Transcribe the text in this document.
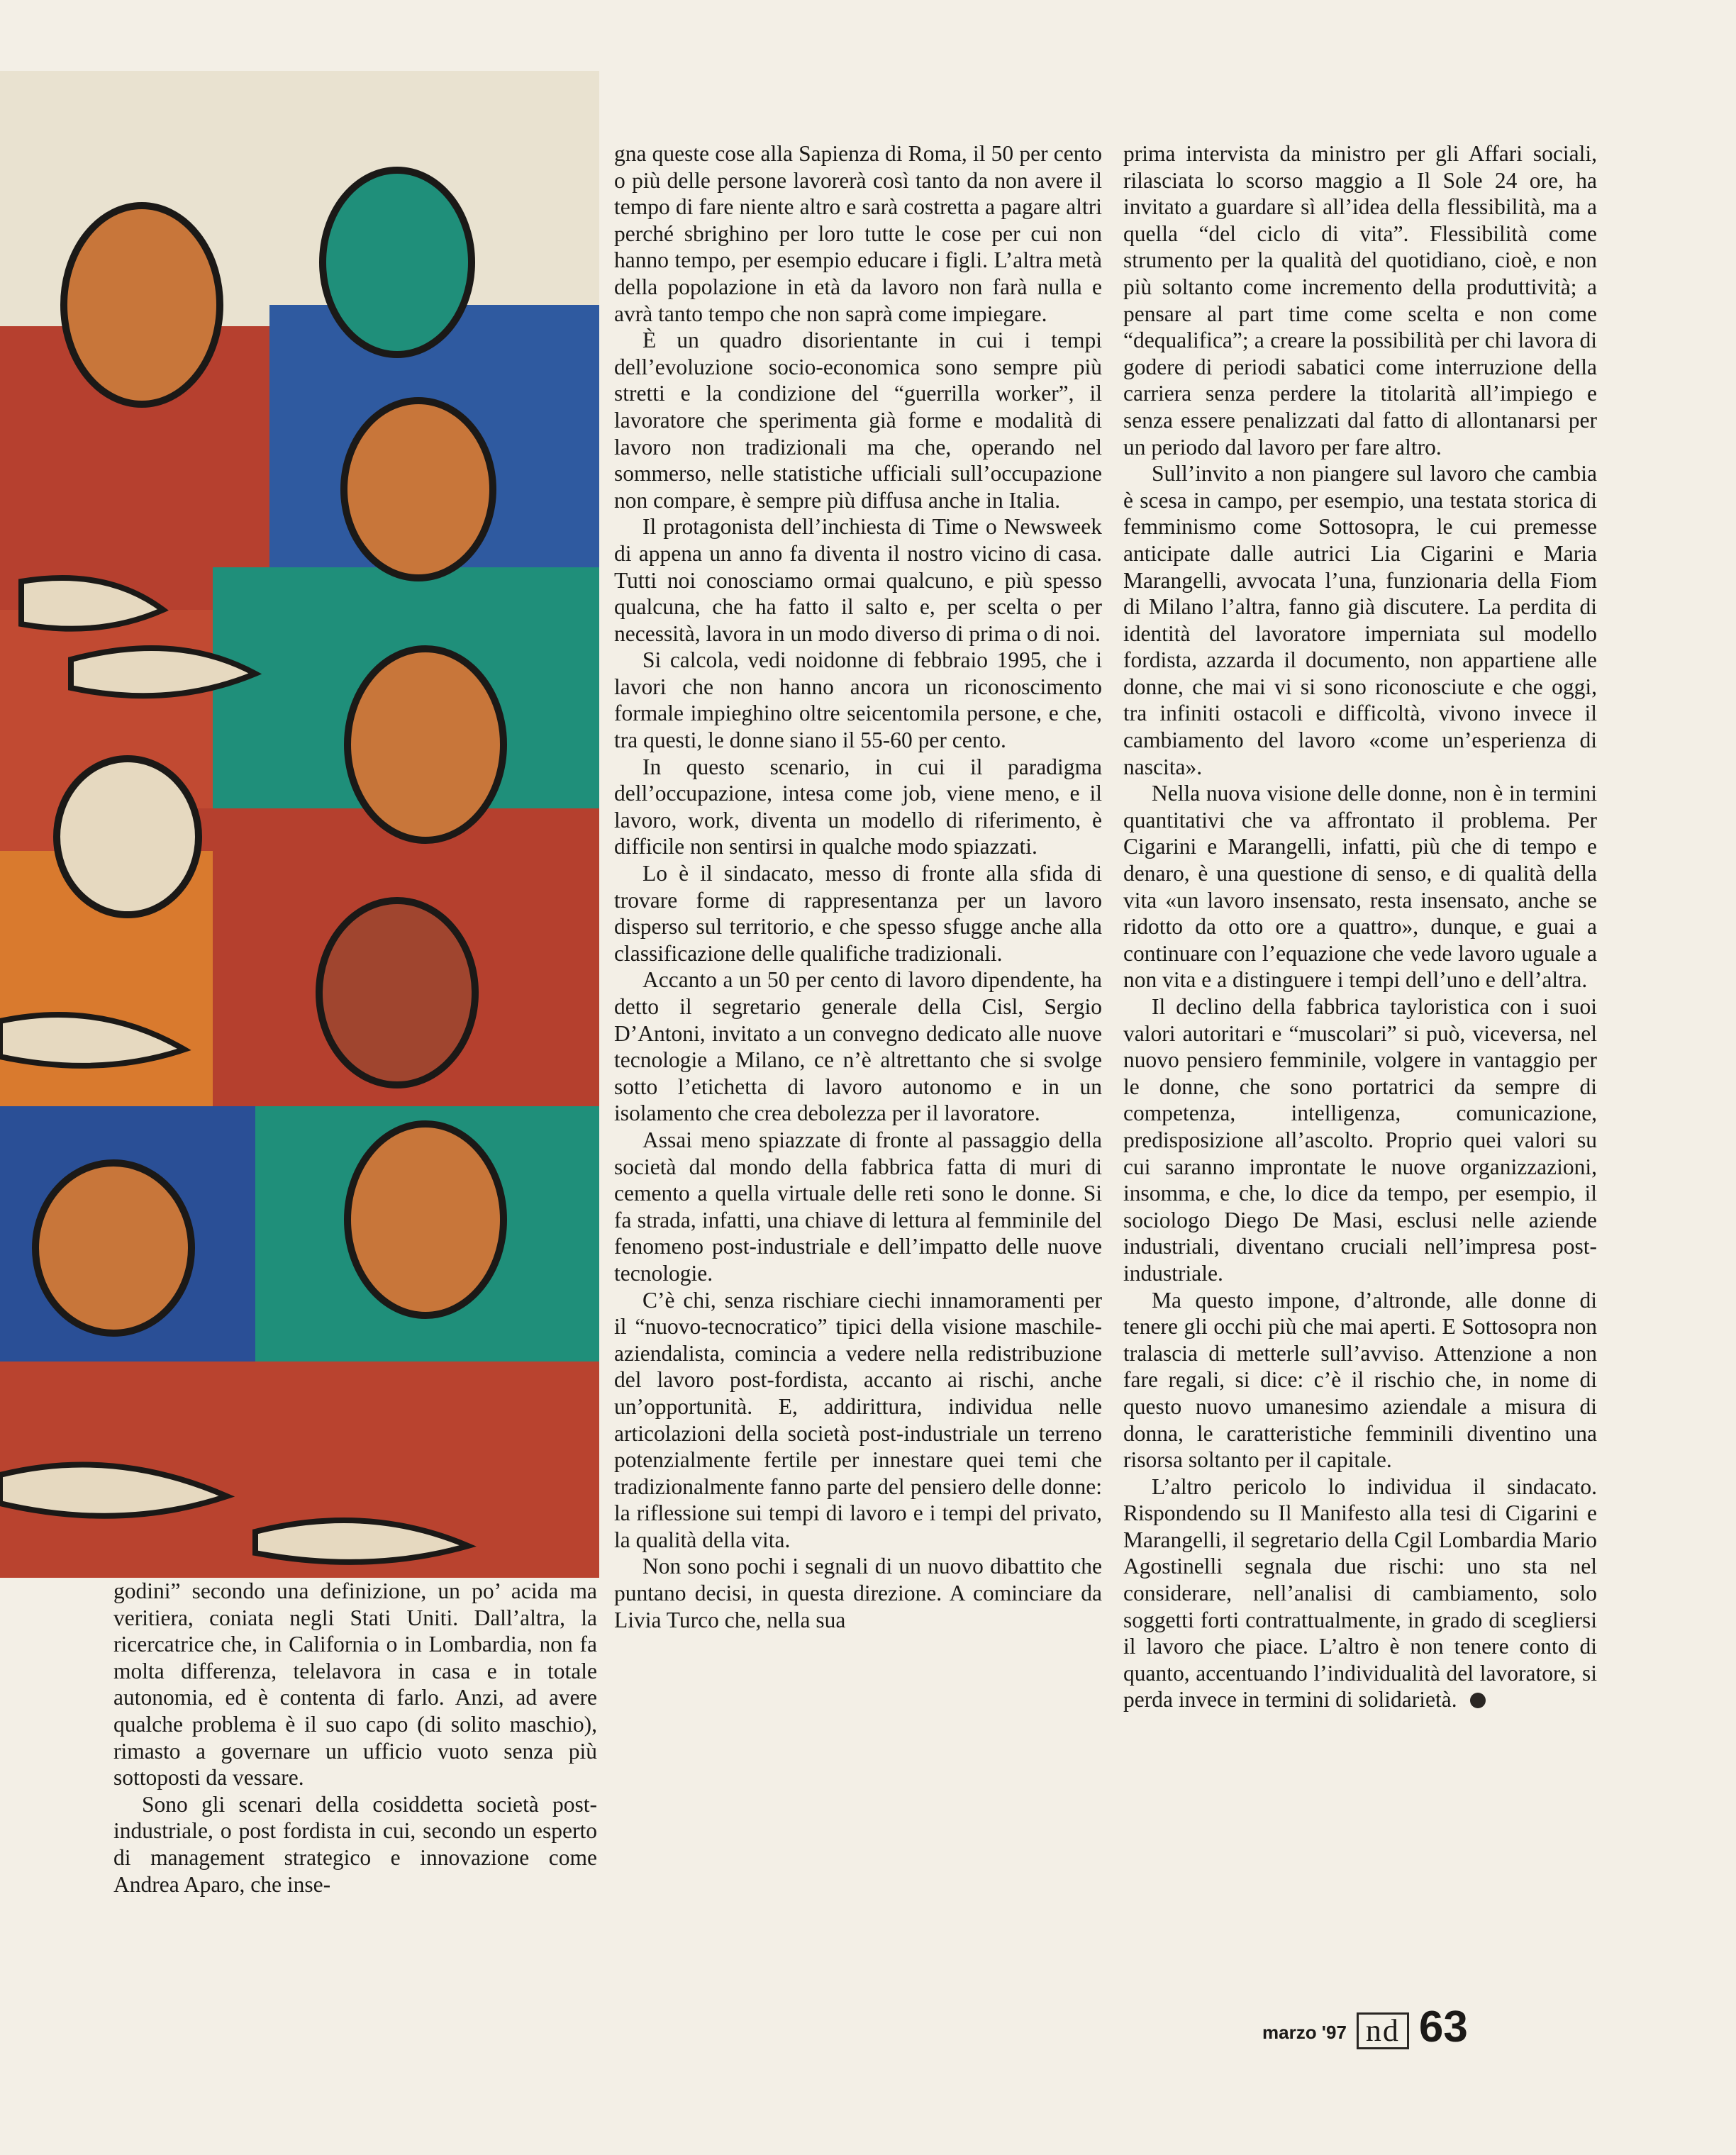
godini” secondo una definizione, un po’ acida ma veritiera, coniata negli Stati Uniti. Dall’altra, la ricercatrice che, in California o in Lombardia, non fa molta differenza, telelavora in casa e in totale autonomia, ed è contenta di farlo. Anzi, ad avere qualche problema è il suo capo (di solito maschio), rimasto a governare un ufficio vuoto senza più sottoposti da vessare.

Sono gli scenari della cosiddetta società post-industriale, o post fordista in cui, secondo un esperto di management strategico e innovazione come Andrea Aparo, che inse-

gna queste cose alla Sapienza di Roma, il 50 per cento o più delle persone lavorerà così tanto da non avere il tempo di fare niente altro e sarà costretta a pagare altri perché sbrighino per loro tutte le cose per cui non hanno tempo, per esempio educare i figli. L’altra metà della popolazione in età da lavoro non farà nulla e avrà tanto tempo che non saprà come impiegare.

È un quadro disorientante in cui i tempi dell’evoluzione socio-economica sono sempre più stretti e la condizione del “guerrilla worker”, il lavoratore che sperimenta già forme e modalità di lavoro non tradizionali ma che, operando nel sommerso, nelle statistiche ufficiali sull’occupazione non compare, è sempre più diffusa anche in Italia.

Il protagonista dell’inchiesta di Time o Newsweek di appena un anno fa diventa il nostro vicino di casa. Tutti noi conosciamo ormai qualcuno, e più spesso qualcuna, che ha fatto il salto e, per scelta o per necessità, lavora in un modo diverso di prima o di noi.

Si calcola, vedi noidonne di febbraio 1995, che i lavori che non hanno ancora un riconoscimento formale impieghino oltre seicentomila persone, e che, tra questi, le donne siano il 55-60 per cento.

In questo scenario, in cui il paradigma dell’occupazione, intesa come job, viene meno, e il lavoro, work, diventa un modello di riferimento, è difficile non sentirsi in qualche modo spiazzati.

Lo è il sindacato, messo di fronte alla sfida di trovare forme di rappresentanza per un lavoro disperso sul territorio, e che spesso sfugge anche alla classificazione delle qualifiche tradizionali.

Accanto a un 50 per cento di lavoro dipendente, ha detto il segretario generale della Cisl, Sergio D’Antoni, invitato a un convegno dedicato alle nuove tecnologie a Milano, ce n’è altrettanto che si svolge sotto l’etichetta di lavoro autonomo e in un isolamento che crea debolezza per il lavoratore.

Assai meno spiazzate di fronte al passaggio della società dal mondo della fabbrica fatta di muri di cemento a quella virtuale delle reti sono le donne. Si fa strada, infatti, una chiave di lettura al femminile del fenomeno post-industriale e dell’impatto delle nuove tecnologie.

C’è chi, senza rischiare ciechi innamoramenti per il “nuovo-tecnocratico” tipici della visione maschile-aziendalista, comincia a vedere nella redistribuzione del lavoro post-fordista, accanto ai rischi, anche un’opportunità. E, addirittura, individua nelle articolazioni della società post-industriale un terreno potenzialmente fertile per innestare quei temi che tradizionalmente fanno parte del pensiero delle donne: la riflessione sui tempi di lavoro e i tempi del privato, la qualità della vita.

Non sono pochi i segnali di un nuovo dibattito che puntano decisi, in questa direzione. A cominciare da Livia Turco che, nella sua

prima intervista da ministro per gli Affari sociali, rilasciata lo scorso maggio a Il Sole 24 ore, ha invitato a guardare sì all’idea della flessibilità, ma a quella “del ciclo di vita”. Flessibilità come strumento per la qualità del quotidiano, cioè, e non più soltanto come incremento della produttività; a pensare al part time come scelta e non come “dequalifica”; a creare la possibilità per chi lavora di godere di periodi sabatici come interruzione della carriera senza perdere la titolarità all’impiego e senza essere penalizzati dal fatto di allontanarsi per un periodo dal lavoro per fare altro.

Sull’invito a non piangere sul lavoro che cambia è scesa in campo, per esempio, una testata storica di femminismo come Sottosopra, le cui premesse anticipate dalle autrici Lia Cigarini e Maria Marangelli, avvocata l’una, funzionaria della Fiom di Milano l’altra, fanno già discutere. La perdita di identità del lavoratore imperniata sul modello fordista, azzarda il documento, non appartiene alle donne, che mai vi si sono riconosciute e che oggi, tra infiniti ostacoli e difficoltà, vivono invece il cambiamento del lavoro «come un’esperienza di nascita».

Nella nuova visione delle donne, non è in termini quantitativi che va affrontato il problema. Per Cigarini e Marangelli, infatti, più che di tempo e denaro, è una questione di senso, e di qualità della vita «un lavoro insensato, resta insensato, anche se ridotto da otto ore a quattro», dunque, e guai a continuare con l’equazione che vede lavoro uguale a non vita e a distinguere i tempi dell’uno e dell’altra.

Il declino della fabbrica tayloristica con i suoi valori autoritari e “muscolari” si può, viceversa, nel nuovo pensiero femminile, volgere in vantaggio per le donne, che sono portatrici da sempre di competenza, intelligenza, comunicazione, predisposizione all’ascolto. Proprio quei valori su cui saranno improntate le nuove organizzazioni, insomma, e che, lo dice da tempo, per esempio, il sociologo Diego De Masi, esclusi nelle aziende industriali, diventano cruciali nell’impresa post-industriale.

Ma questo impone, d’altronde, alle donne di tenere gli occhi più che mai aperti. E Sottosopra non tralascia di metterle sull’avviso. Attenzione a non fare regali, si dice: c’è il rischio che, in nome di questo nuovo umanesimo aziendale a misura di donna, le caratteristiche femminili diventino una risorsa soltanto per il capitale.

L’altro pericolo lo individua il sindacato. Rispondendo su Il Manifesto alla tesi di Cigarini e Marangelli, il segretario della Cgil Lombardia Mario Agostinelli segnala due rischi: uno sta nel considerare, nell’analisi di cambiamento, solo soggetti forti contrattualmente, in grado di scegliersi il lavoro che piace. L’altro è non tenere conto di quanto, accentuando l’individualità del lavoratore, si perda invece in termini di solidarietà.

marzo '97 nd 63
